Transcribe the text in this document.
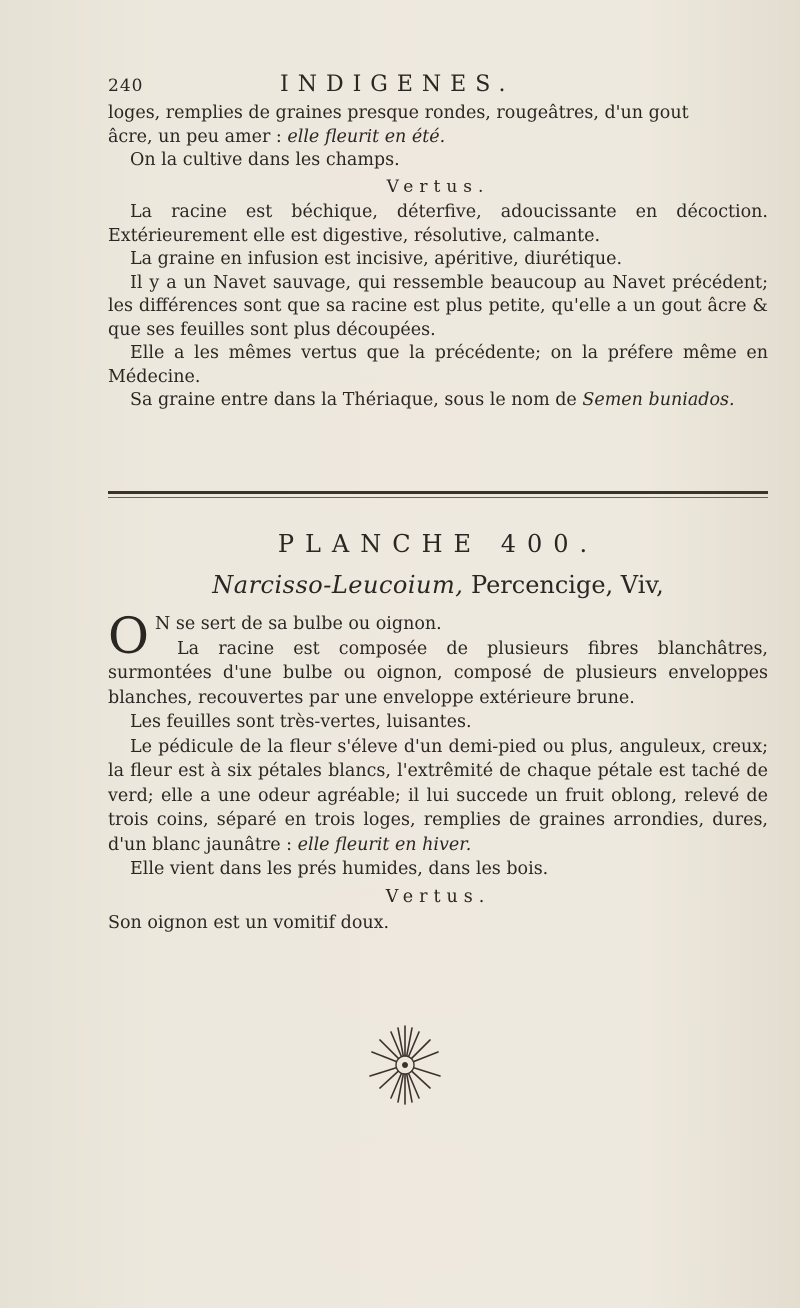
240	INDIGENES.

loges, remplies de graines presque rondes, rougeâtres, d'un gout

âcre, un peu amer : elle fleurit en été.

On la cultive dans les champs.

Vertus.

La racine est béchique, déterfive, adoucissante en décoction. Extérieurement elle est digestive, résolutive, calmante.

La graine en infusion est incisive, apéritive, diurétique.

Il y a un Navet sauvage, qui ressemble beaucoup au Navet précédent; les différences sont que sa racine est plus petite, qu'elle a un gout âcre & que ses feuilles sont plus découpées.

Elle a les mêmes vertus que la précédente; on la préfere même en Médecine.

Sa graine entre dans la Thériaque, sous le nom de Semen buniados.

PLANCHE 400.
Narcisso-Leucoium, Percencige, Viv,

O N se sert de sa bulbe ou oignon.

La racine est composée de plusieurs fibres blanchâtres, surmontées d'une bulbe ou oignon, composé de plusieurs enveloppes blanches, recouvertes par une enveloppe extérieure brune.

Les feuilles sont très-vertes, luisantes.

Le pédicule de la fleur s'éleve d'un demi-pied ou plus, anguleux, creux; la fleur est à six pétales blancs, l'extrêmité de chaque pétale est taché de verd; elle a une odeur agréable; il lui succede un fruit oblong, relevé de trois coins, séparé en trois loges, remplies de graines arrondies, dures, d'un blanc jaunâtre : elle fleurit en hiver.

Elle vient dans les prés humides, dans les bois.

Vertus.

Son oignon est un vomitif doux.
